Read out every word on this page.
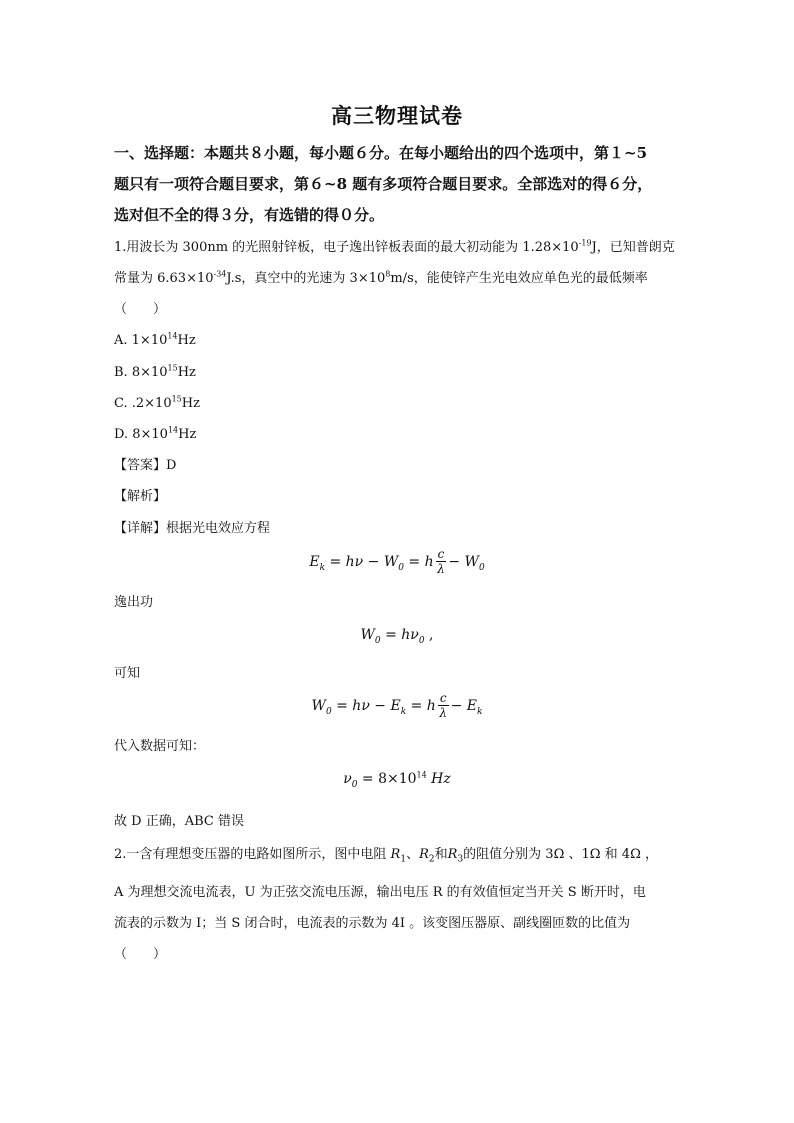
高三物理试卷
一、选择题：本题共８小题，每小题６分。在每小题给出的四个选项中，第１~5
题只有一项符合题目要求，第６~8 题有多项符合题目要求。全部选对的得６分，
选对但不全的得３分，有选错的得０分。
1.用波长为 300nm 的光照射锌板，电子逸出锌板表面的最大初动能为 $1.28\times 10^{-19}J$，已知普朗克
常量为 $6.63\times 10^{-34}J.s$，真空中的光速为 $3\times 10^8m/s$，能使锌产生光电效应单色光的最低频率
（　　）
A. $1\times 10^{14}Hz$
B. $8\times 10^{15}Hz$
C. $.2\times 10^{15}Hz$
D. $8\times 10^{14}Hz$
【答案】D
【解析】
【详解】根据光电效应方程
$E_k = h\nu - W_0 = h \frac{c}{\lambda} - W_0$
逸出功
$W_0 = h\nu_0$ ,
可知
$W_0 = h\nu - E_k = h \frac{c}{\lambda} - E_k$
代入数据可知：
$\nu_0 = 8\times 10^{14}$ Hz
故 D 正确，ABC 错误
2.一含有理想变压器的电路如图所示，图中电阻 $R_1$、$R_2$和$R_3$的阻值分别为 3Ω 、1Ω 和 4Ω ，
A 为理想交流电流表，U 为正弦交流电压源，输出电压 R 的有效值恒定当开关 S 断开时，电
流表的示数为 I；当 S 闭合时，电流表的示数为 4I 。该变图压器原、副线圈匝数的比值为
（　　）
